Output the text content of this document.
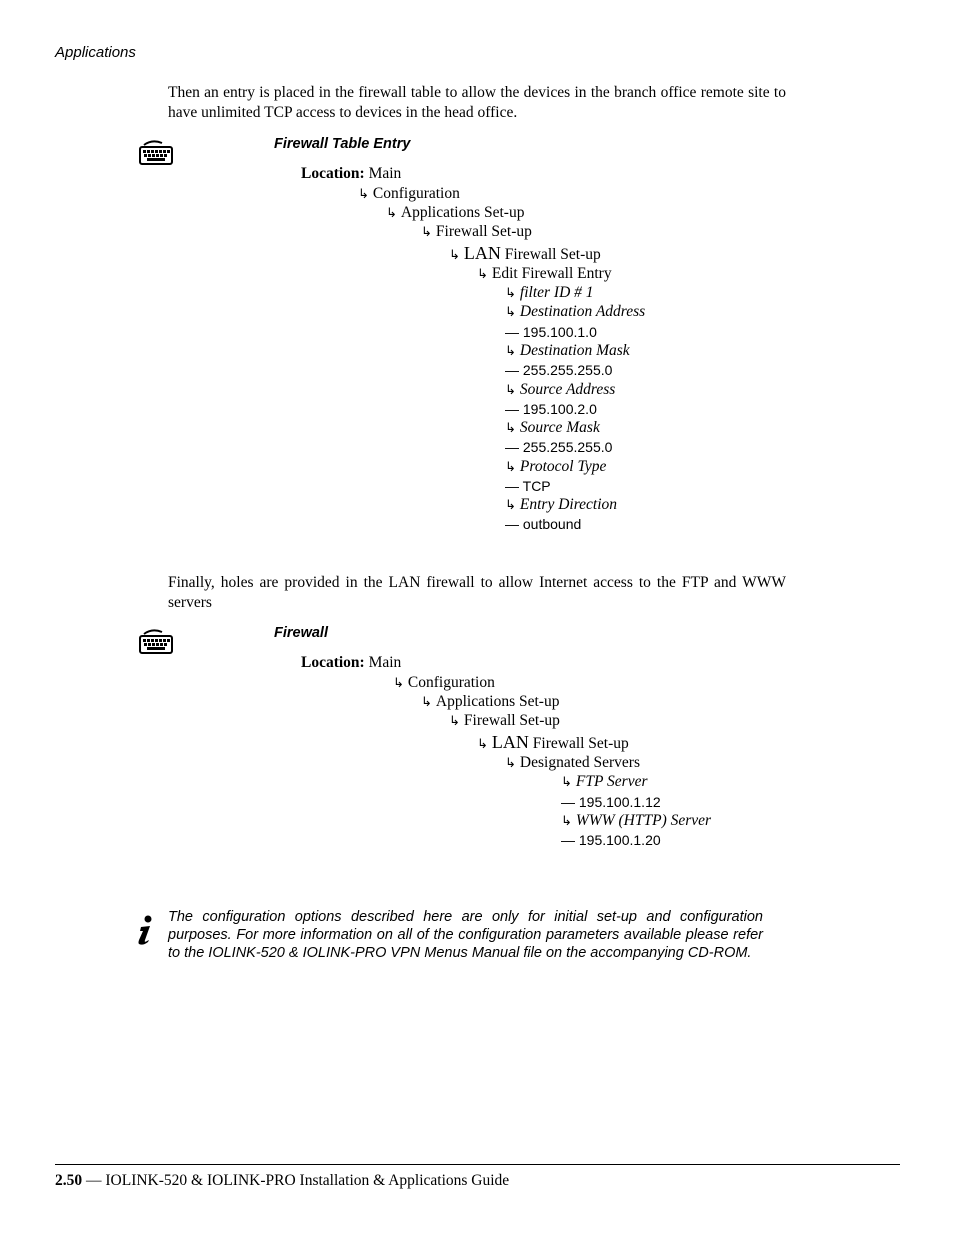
Applications
Then an entry is placed in the firewall table to allow the devices in the branch office remote site to have unlimited TCP access to devices in the head office.
Firewall Table Entry
Location: Main
↳ Configuration
↳ Applications Set-up
↳ Firewall Set-up
↳ LAN Firewall Set-up
↳ Edit Firewall Entry
↳ filter ID # 1
↳ Destination Address
— 195.100.1.0
↳ Destination Mask
— 255.255.255.0
↳ Source Address
— 195.100.2.0
↳ Source Mask
— 255.255.255.0
↳ Protocol Type
— TCP
↳ Entry Direction
— outbound
Finally, holes are provided in the LAN firewall to allow Internet access to the FTP and WWW servers
Firewall
Location: Main
↳ Configuration
↳ Applications Set-up
↳ Firewall Set-up
↳ LAN Firewall Set-up
↳ Designated Servers
↳ FTP Server
— 195.100.1.12
↳ WWW (HTTP) Server
— 195.100.1.20
The configuration options described here are only for initial set-up and configuration purposes. For more information on all of the configuration parameters available please refer to the IOLINK-520 & IOLINK-PRO VPN Menus Manual file on the accompanying CD-ROM.
2.50 — IOLINK-520 & IOLINK-PRO Installation & Applications Guide
